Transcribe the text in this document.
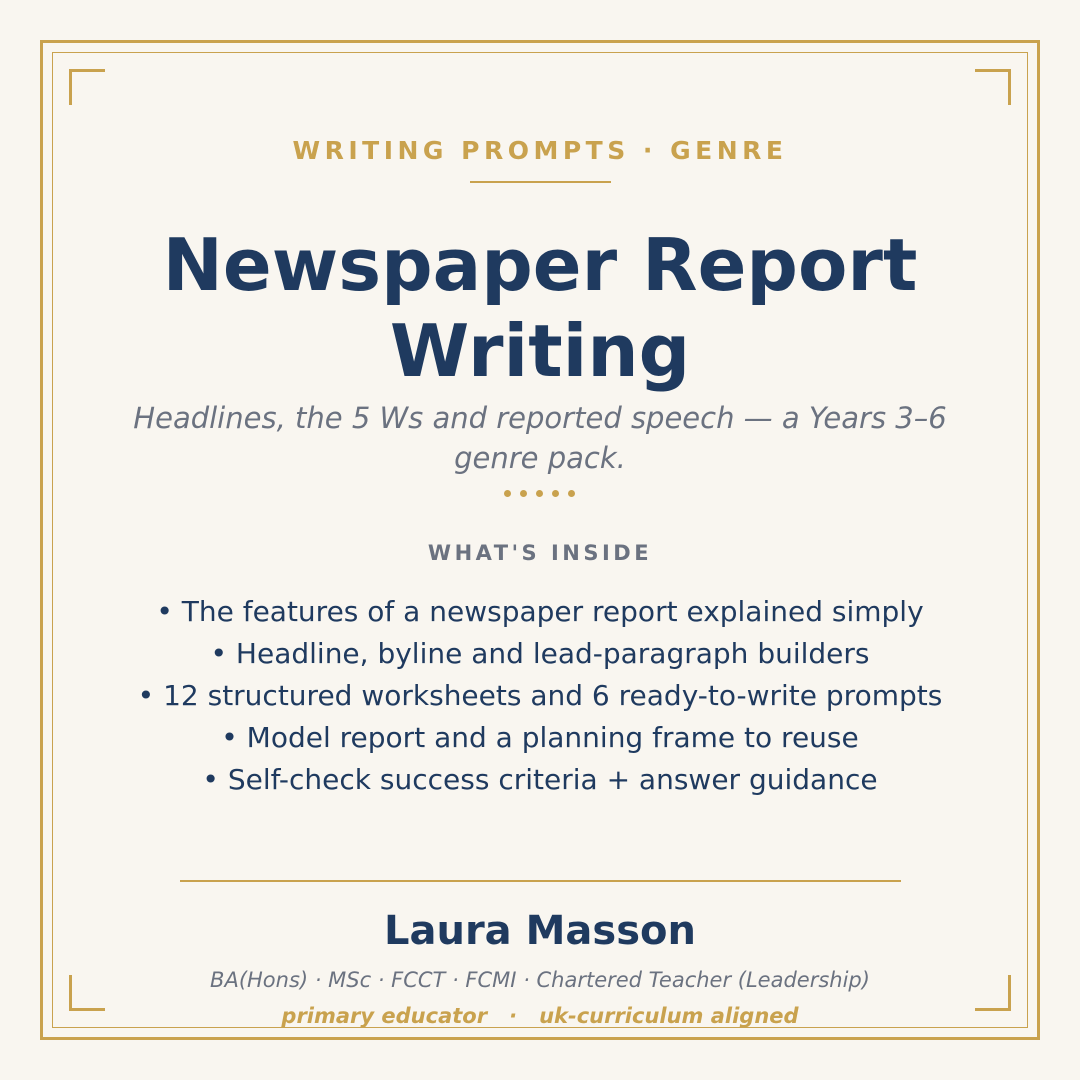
WRITING PROMPTS · GENRE
Newspaper Report
Writing
Headlines, the 5 Ws and reported speech — a Years 3–6 genre pack.
WHAT'S INSIDE
• The features of a newspaper report explained simply
• Headline, byline and lead-paragraph builders
• 12 structured worksheets and 6 ready-to-write prompts
• Model report and a planning frame to reuse
• Self-check success criteria + answer guidance
Laura Masson
BA(Hons) · MSc · FCCT · FCMI · Chartered Teacher (Leadership)
primary educator · uk-curriculum aligned
